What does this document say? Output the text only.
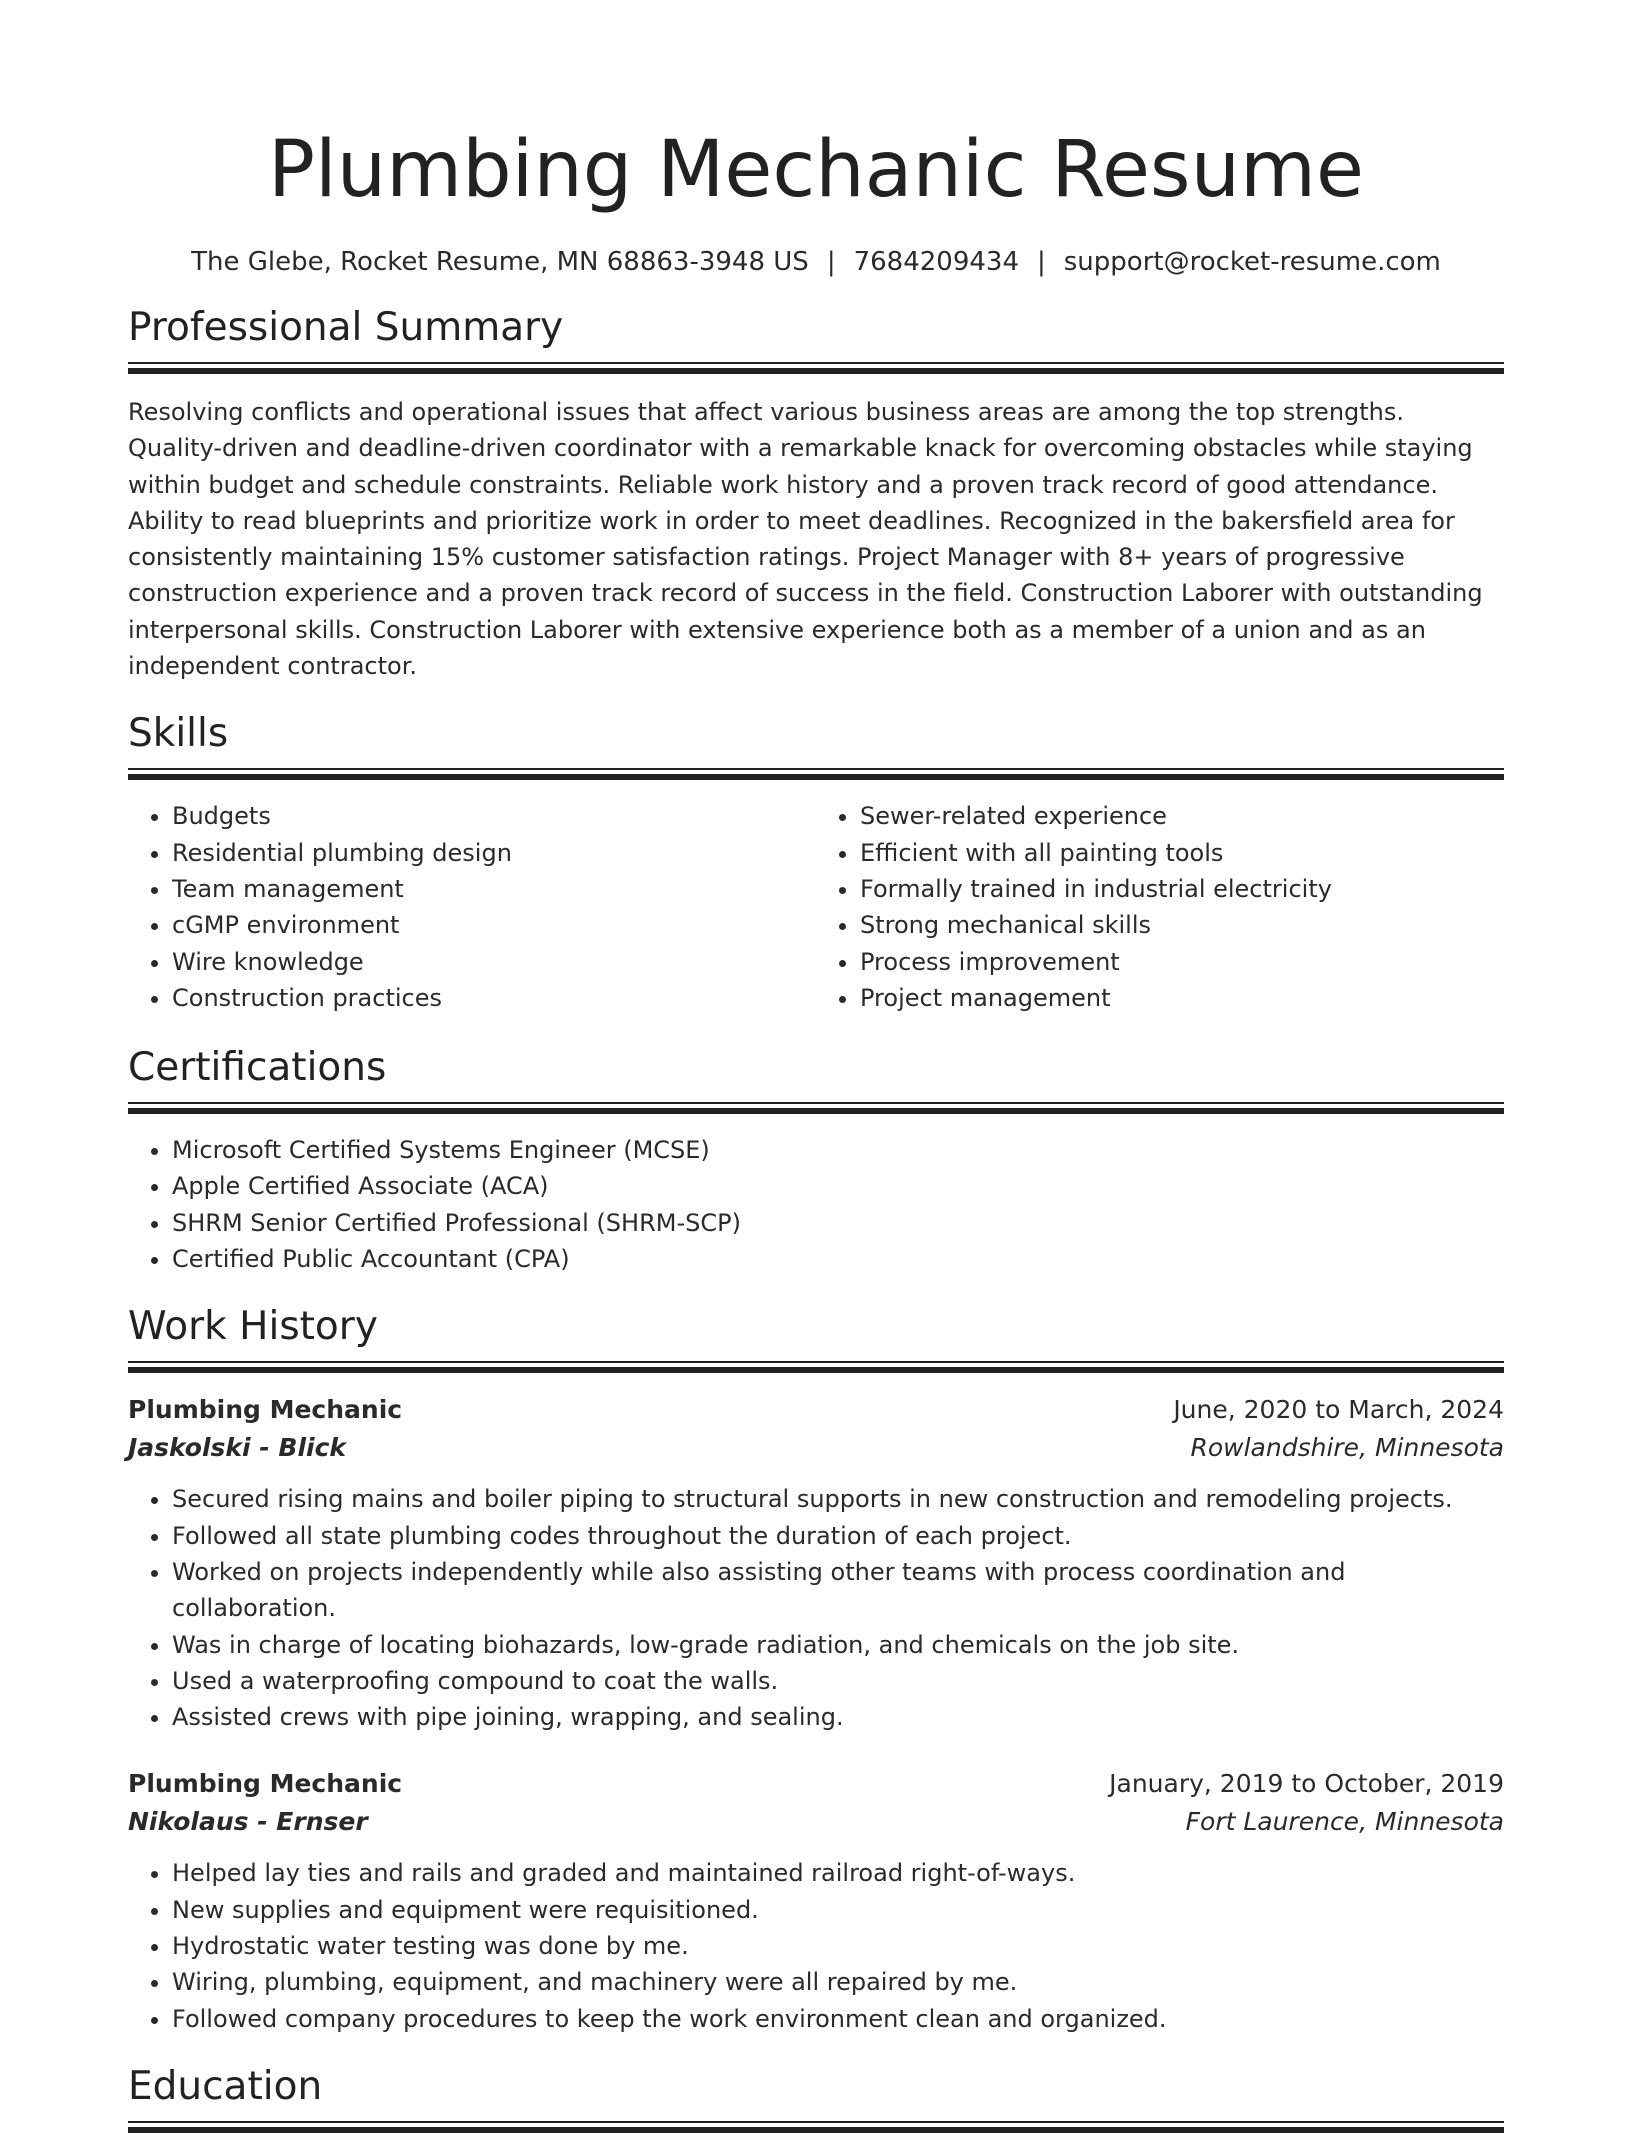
Plumbing Mechanic Resume
The Glebe, Rocket Resume, MN 68863-3948 US | 7684209434 | support@rocket-resume.com
Professional Summary

Resolving conflicts and operational issues that affect various business areas are among the top strengths. Quality-driven and deadline-driven coordinator with a remarkable knack for overcoming obstacles while staying within budget and schedule constraints. Reliable work history and a proven track record of good attendance. Ability to read blueprints and prioritize work in order to meet deadlines. Recognized in the bakersfield area for consistently maintaining 15% customer satisfaction ratings. Project Manager with 8+ years of progressive construction experience and a proven track record of success in the field. Construction Laborer with outstanding interpersonal skills. Construction Laborer with extensive experience both as a member of a union and as an independent contractor.

Skills
• Budgets
• Residential plumbing design
• Team management
• cGMP environment
• Wire knowledge
• Construction practices
• Sewer-related experience
• Efficient with all painting tools
• Formally trained in industrial electricity
• Strong mechanical skills
• Process improvement
• Project management
Certifications
• Microsoft Certified Systems Engineer (MCSE)
• Apple Certified Associate (ACA)
• SHRM Senior Certified Professional (SHRM-SCP)
• Certified Public Accountant (CPA)
Work History
Plumbing Mechanic	June, 2020 to March, 2024
Jaskolski - Blick	Rowlandshire, Minnesota
• Secured rising mains and boiler piping to structural supports in new construction and remodeling projects.
• Followed all state plumbing codes throughout the duration of each project.
• Worked on projects independently while also assisting other teams with process coordination and collaboration.
• Was in charge of locating biohazards, low-grade radiation, and chemicals on the job site.
• Used a waterproofing compound to coat the walls.
• Assisted crews with pipe joining, wrapping, and sealing.
Plumbing Mechanic	January, 2019 to October, 2019
Nikolaus - Ernser	Fort Laurence, Minnesota
• Helped lay ties and rails and graded and maintained railroad right-of-ways.
• New supplies and equipment were requisitioned.
• Hydrostatic water testing was done by me.
• Wiring, plumbing, equipment, and machinery were all repaired by me.
• Followed company procedures to keep the work environment clean and organized.
Education
